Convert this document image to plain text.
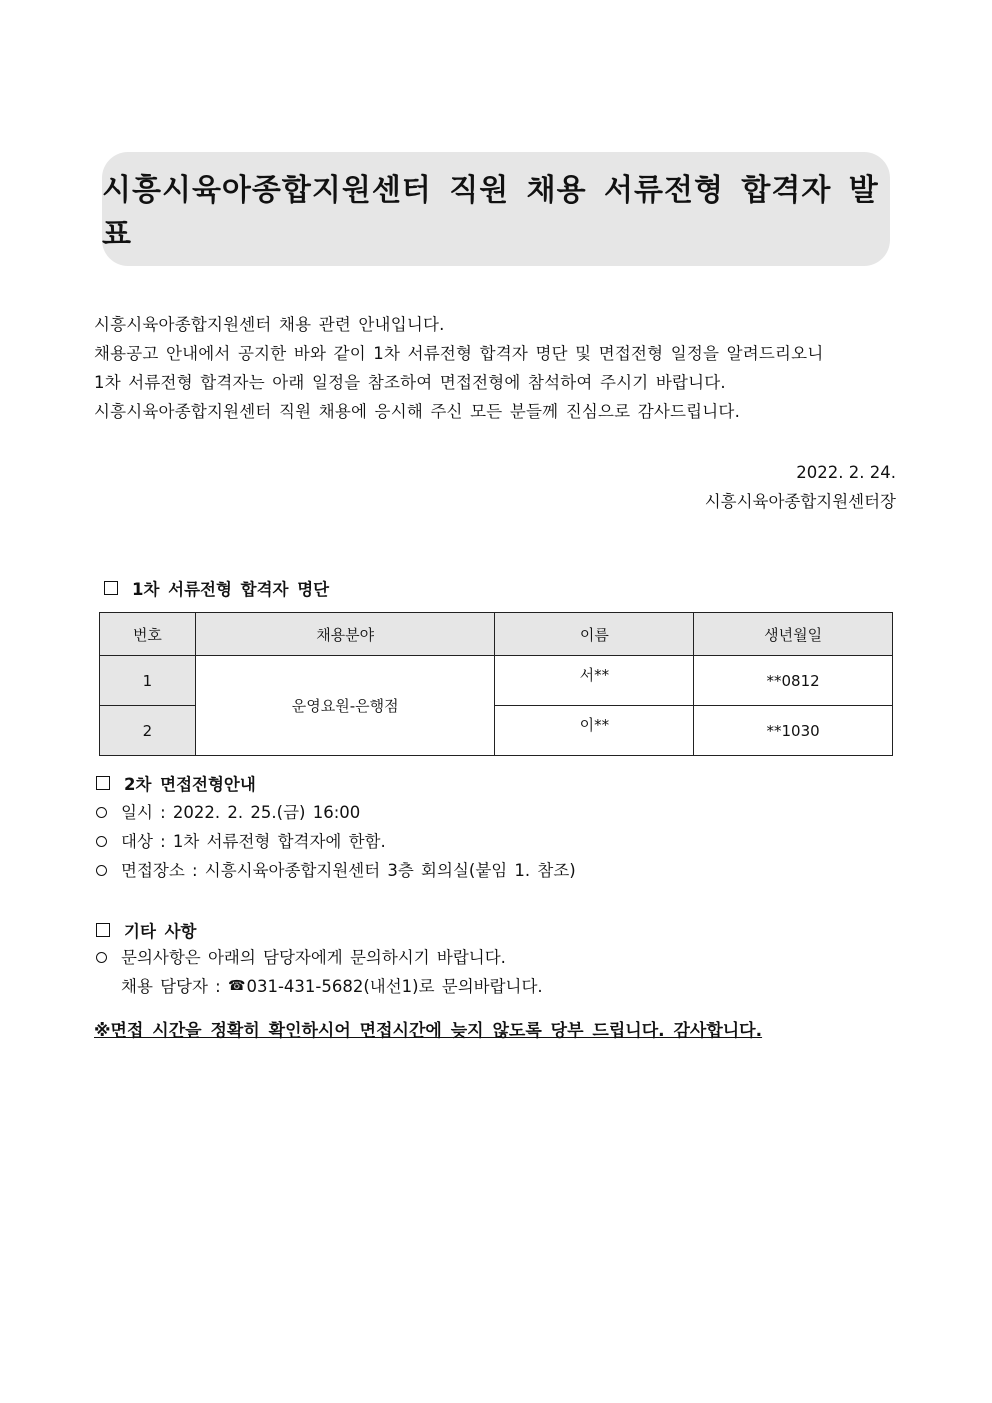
시흥시육아종합지원센터 직원 채용 서류전형 합격자 발표
시흥시육아종합지원센터 채용 관련 안내입니다.
채용공고 안내에서 공지한 바와 같이 1차 서류전형 합격자 명단 및 면접전형 일정을 알려드리오니
1차 서류전형 합격자는 아래 일정을 참조하여 면접전형에 참석하여 주시기 바랍니다.
시흥시육아종합지원센터 직원 채용에 응시해 주신 모든 분들께 진심으로 감사드립니다.
2022. 2. 24.
시흥시육아종합지원센터장
1차 서류전형 합격자 명단
번호	채용분야	이름	생년월일
1	운영요원-은행점	서**	**0812
2		이**	**1030
2차 면접전형안내
일시 : 2022. 2. 25.(금) 16:00
대상 : 1차 서류전형 합격자에 한함.
면접장소 : 시흥시육아종합지원센터 3층 회의실(붙임 1. 참조)
기타 사항
문의사항은 아래의 담당자에게 문의하시기 바랍니다.
채용 담당자 : ☎ 031-431-5682(내선1)로 문의바랍니다.
※면접 시간을 정확히 확인하시어 면접시간에 늦지 않도록 당부 드립니다. 감사합니다.
